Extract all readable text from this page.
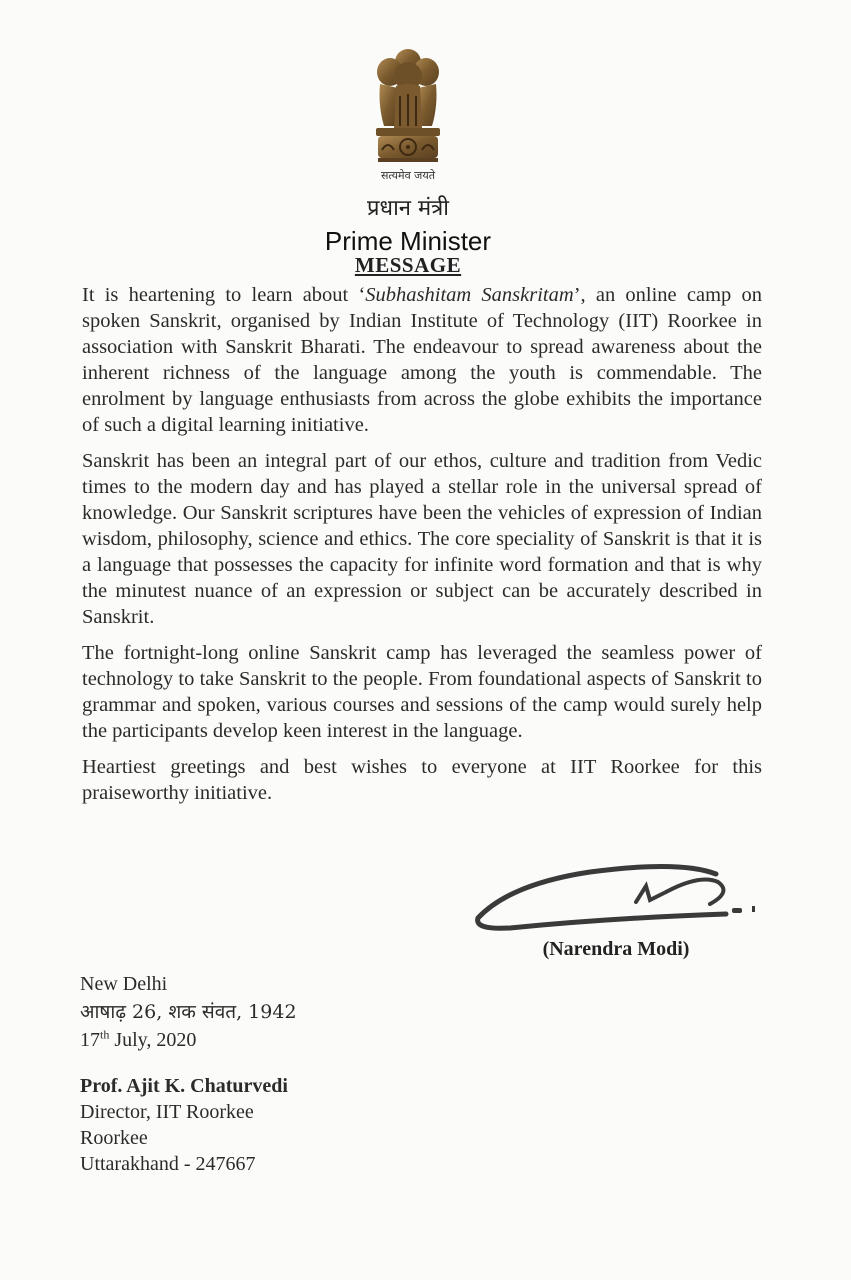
सत्यमेव जयते
प्रधान मंत्री
Prime Minister
MESSAGE

It is heartening to learn about ‘Subhashitam Sanskritam’, an online camp on spoken Sanskrit, organised by Indian Institute of Technology (IIT) Roorkee in association with Sanskrit Bharati. The endeavour to spread awareness about the inherent richness of the language among the youth is commendable. The enrolment by language enthusiasts from across the globe exhibits the importance of such a digital learning initiative.

Sanskrit has been an integral part of our ethos, culture and tradition from Vedic times to the modern day and has played a stellar role in the universal spread of knowledge. Our Sanskrit scriptures have been the vehicles of expression of Indian wisdom, philosophy, science and ethics. The core speciality of Sanskrit is that it is a language that possesses the capacity for infinite word formation and that is why the minutest nuance of an expression or subject can be accurately described in Sanskrit.

The fortnight-long online Sanskrit camp has leveraged the seamless power of technology to take Sanskrit to the people. From foundational aspects of Sanskrit to grammar and spoken, various courses and sessions of the camp would surely help the participants develop keen interest in the language.

Heartiest greetings and best wishes to everyone at IIT Roorkee for this praiseworthy initiative.

(Narendra Modi)
New Delhi
आषाढ़ 26, शक संवत, 1942
17th July, 2020
Prof. Ajit K. Chaturvedi
Director, IIT Roorkee
Roorkee
Uttarakhand - 247667
